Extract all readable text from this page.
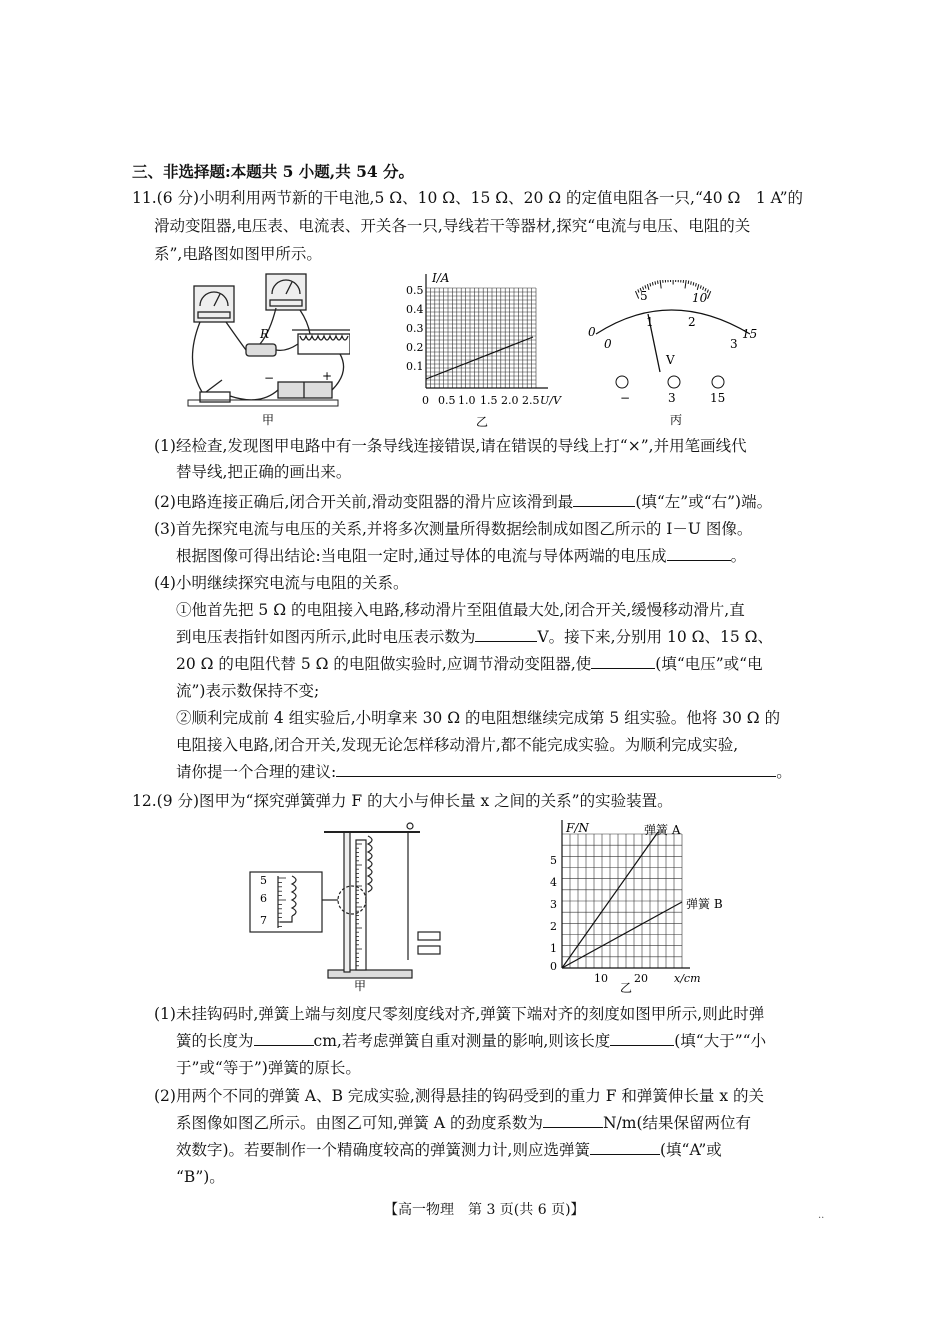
三、非选择题:本题共 5 小题,共 54 分。
11.(6 分)小明利用两节新的干电池,5 Ω、10 Ω、15 Ω、20 Ω 的定值电阻各一只,“40 Ω　1 A”的
滑动变阻器,电压表、电流表、开关各一只,导线若干等器材,探究“电流与电压、电阻的关
系”,电路图如图甲所示。
R
−	+
甲
I/A
0.5
0.4
0.3
0.2
0.1
0 0.5 1.0 1.5 2.0 2.5 U/V
乙
5	10
15
0
0
1	2
3
V
−	3	15
丙
(1)经检查,发现图甲电路中有一条导线连接错误,请在错误的导线上打“×”,并用笔画线代
替导线,把正确的画出来。
(2)电路连接正确后,闭合开关前,滑动变阻器的滑片应该滑到最	(填“左”或“右”)端。
(3)首先探究电流与电压的关系,并将多次测量所得数据绘制成如图乙所示的 I－U 图像。
根据图像可得出结论:当电阻一定时,通过导体的电流与导体两端的电压成	。
(4)小明继续探究电流与电阻的关系。
①他首先把 5 Ω 的电阻接入电路,移动滑片至阻值最大处,闭合开关,缓慢移动滑片,直
到电压表指针如图丙所示,此时电压表示数为	V。接下来,分别用 10 Ω、15 Ω、
20 Ω 的电阻代替 5 Ω 的电阻做实验时,应调节滑动变阻器,使	(填“电压”或“电
流”)表示数保持不变;
②顺利完成前 4 组实验后,小明拿来 30 Ω 的电阻想继续完成第 5 组实验。他将 30 Ω 的
电阻接入电路,闭合开关,发现无论怎样移动滑片,都不能完成实验。为顺利完成实验,
请你提一个合理的建议:	。
12.(9 分)图甲为“探究弹簧弹力 F 的大小与伸长量 x 之间的关系”的实验装置。
5
6
7
甲
F/N	弹簧 A
弹簧 B
5
4
3
2
1
0
10 20 x/cm
乙
(1)未挂钩码时,弹簧上端与刻度尺零刻度线对齐,弹簧下端对齐的刻度如图甲所示,则此时弹
簧的长度为	cm,若考虑弹簧自重对测量的影响,则该长度	(填“大于”“小
于”或“等于”)弹簧的原长。
(2)用两个不同的弹簧 A、B 完成实验,测得悬挂的钩码受到的重力 F 和弹簧伸长量 x 的关
系图像如图乙所示。由图乙可知,弹簧 A 的劲度系数为	N/m(结果保留两位有
效数字)。若要制作一个精确度较高的弹簧测力计,则应选弹簧	(填“A”或
“B”)。
【高一物理　第 3 页(共 6 页)】	..
